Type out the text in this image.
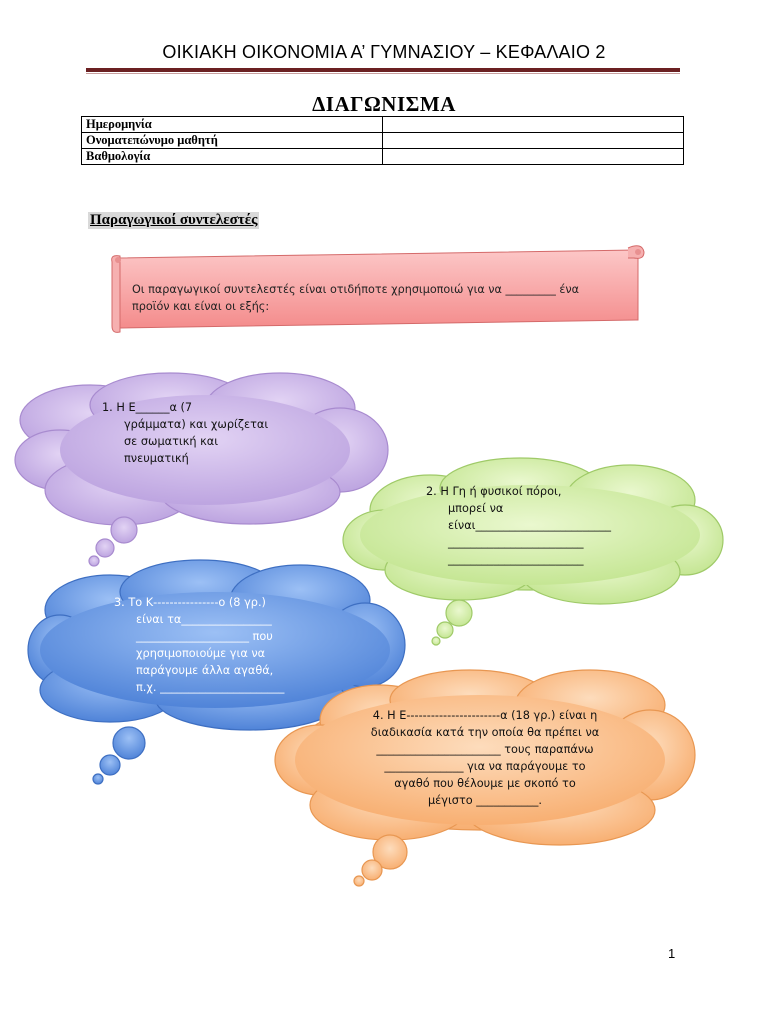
ΟΙΚΙΑΚΗ ΟΙΚΟΝΟΜΙΑ Α’ ΓΥΜΝΑΣΙΟΥ – ΚΕΦΑΛΑΙΟ 2
ΔΙΑΓΩΝΙΣΜΑ
Ημερομηνία	
Ονοματεπώνυμο μαθητή	
Βαθμολογία	
Παραγωγικοί συντελεστές
Οι παραγωγικοί συντελεστές είναι οτιδήποτε χρησιμοποιώ για να _________ ένα
προϊόν και είναι οι εξής:
1. Η Ε______α (7
γράμματα) και χωρίζεται
σε σωματική και
πνευματική
2. Η Γη ή φυσικοί πόροι,
μπορεί να
είναι________________________
________________________
________________________
3. Το Κ----------------ο (8 γρ.)
είναι τα________________
____________________ που
χρησιμοποιούμε για να
παράγουμε άλλα αγαθά,
π.χ. ______________________
4. Η Ε-----------------------α (18 γρ.) είναι η
διαδικασία κατά την οποία θα πρέπει να
______________________ τους παραπάνω
______________ για να παράγουμε το
αγαθό που θέλουμε με σκοπό το
μέγιστο ___________.
1
